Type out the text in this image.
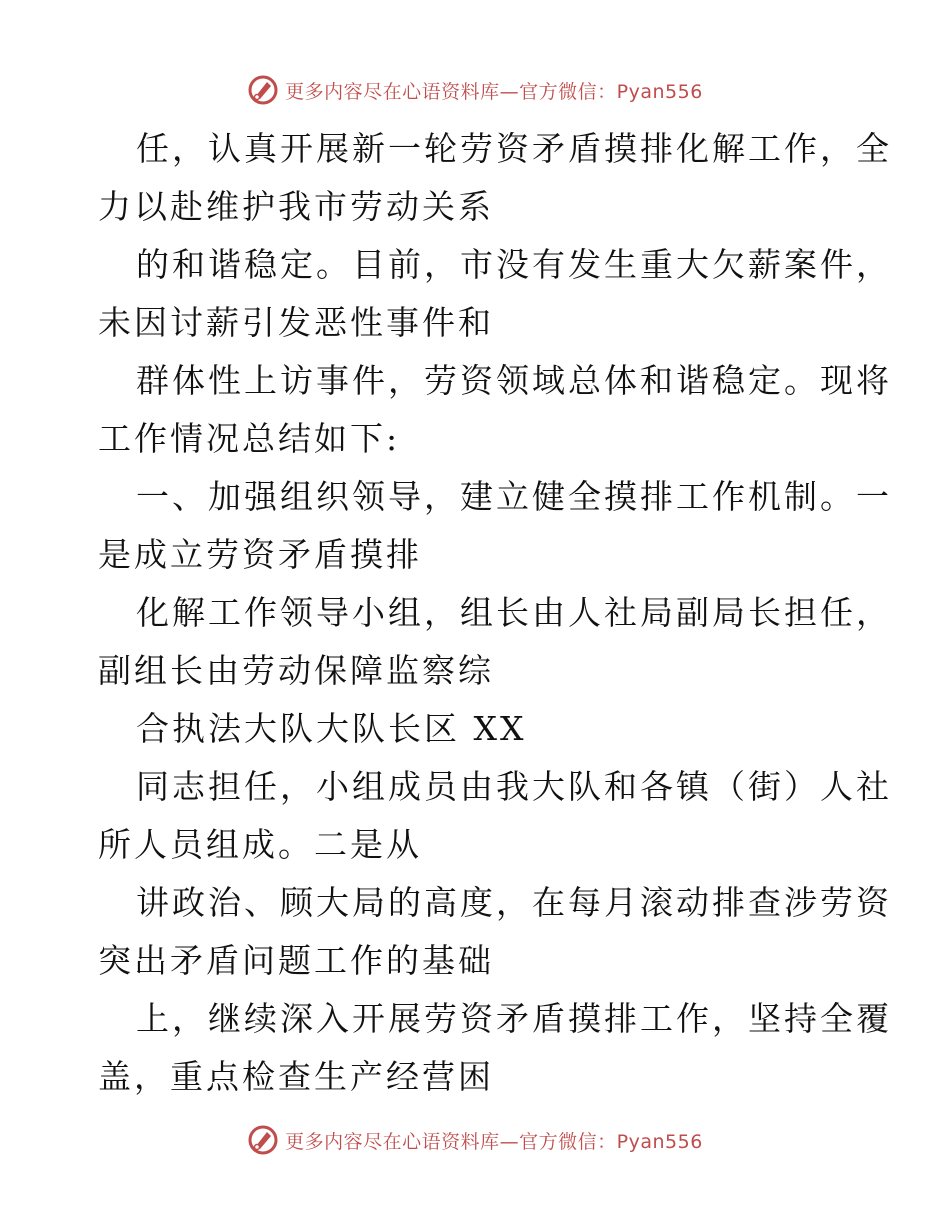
更多内容尽在心语资料库—官方微信：Pyan556
任，认真开展新一轮劳资矛盾摸排化解工作，全
力以赴维护我市劳动关系
的和谐稳定。目前，市没有发生重大欠薪案件，
未因讨薪引发恶性事件和
群体性上访事件，劳资领域总体和谐稳定。现将
工作情况总结如下:
一、加强组织领导，建立健全摸排工作机制。一
是成立劳资矛盾摸排
化解工作领导小组，组长由人社局副局长担任，
副组长由劳动保障监察综
合执法大队大队长区 XX
同志担任，小组成员由我大队和各镇（街）人社
所人员组成。二是从
讲政治、顾大局的高度，在每月滚动排查涉劳资
突出矛盾问题工作的基础
上，继续深入开展劳资矛盾摸排工作，坚持全覆
盖，重点检查生产经营困
更多内容尽在心语资料库—官方微信：Pyan556
